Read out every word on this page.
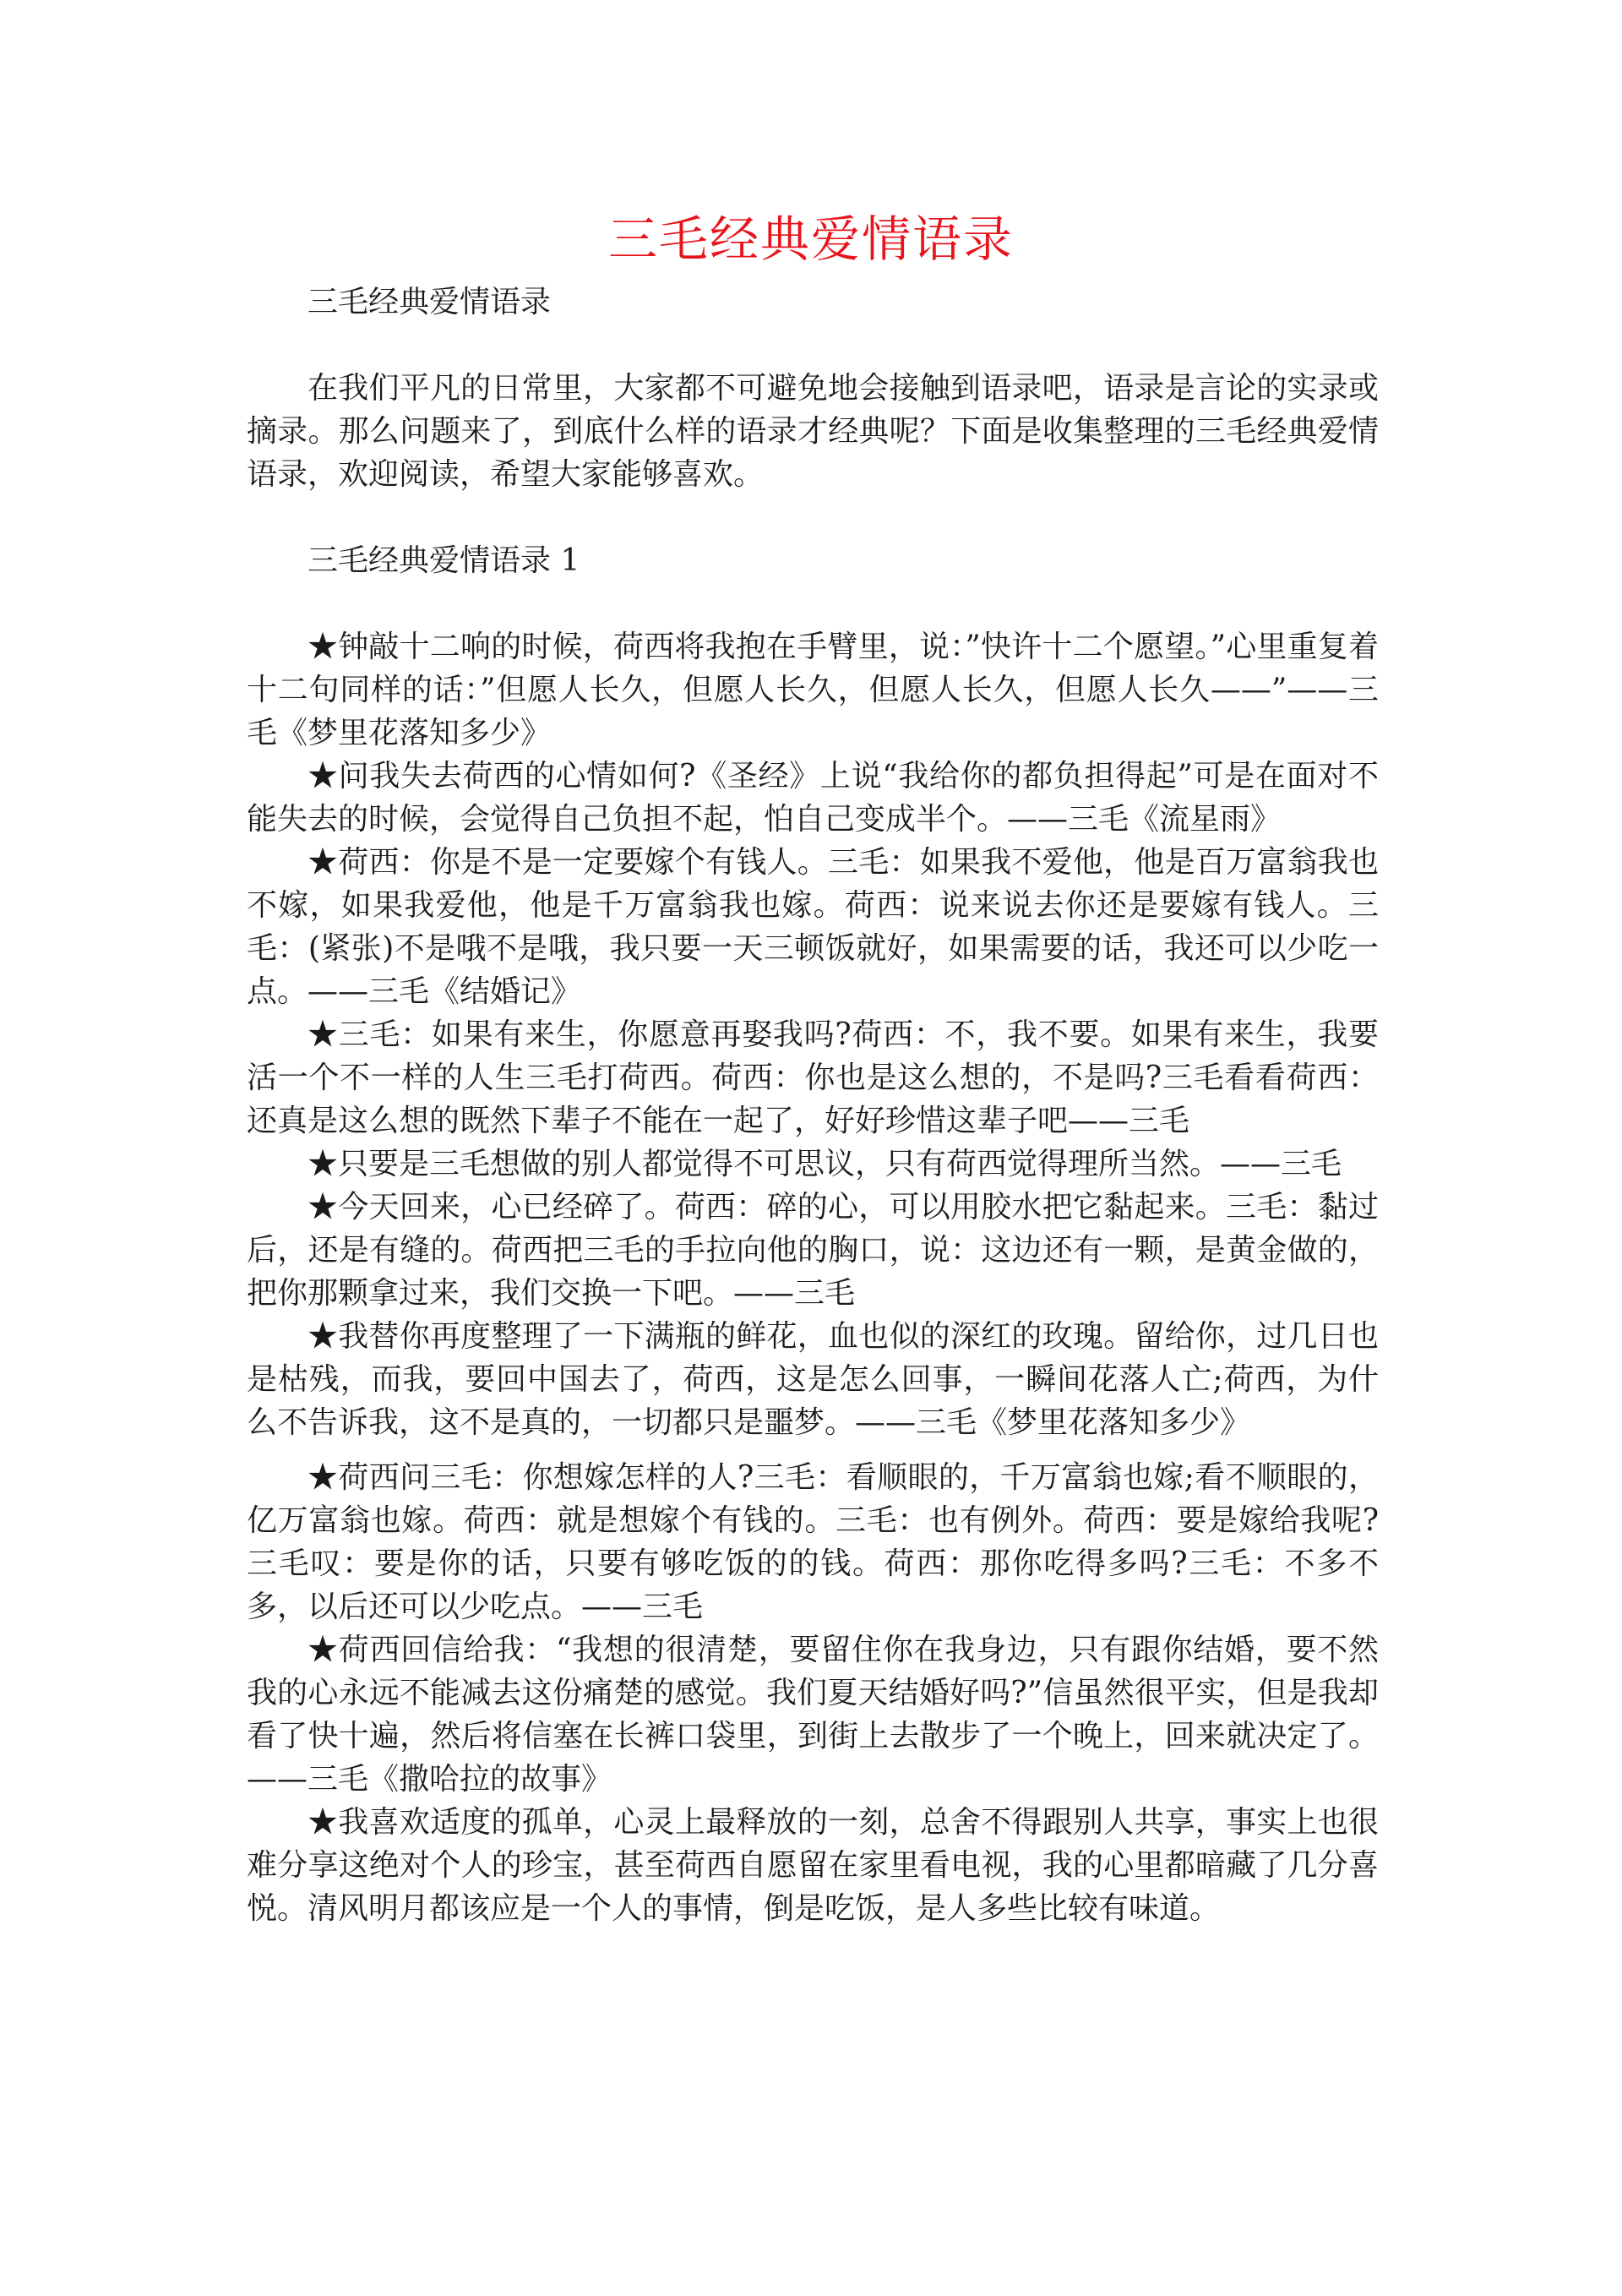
三毛经典爱情语录

三毛经典爱情语录

在我们平凡的日常里，大家都不可避免地会接触到语录吧，语录是言论的实录或摘录。那么问题来了，到底什么样的语录才经典呢？下面是收集整理的三毛经典爱情语录，欢迎阅读，希望大家能够喜欢。

三毛经典爱情语录 1

★钟敲十二响的时候，荷西将我抱在手臂里，说：”快许十二个愿望。”心里重复着十二句同样的话：”但愿人长久，但愿人长久，但愿人长久，但愿人长久——”——三毛《梦里花落知多少》

★问我失去荷西的心情如何?《圣经》上说“我给你的都负担得起”可是在面对不能失去的时候，会觉得自己负担不起，怕自己变成半个。——三毛《流星雨》

★荷西：你是不是一定要嫁个有钱人。三毛：如果我不爱他，他是百万富翁我也不嫁，如果我爱他，他是千万富翁我也嫁。荷西：说来说去你还是要嫁有钱人。三毛：(紧张)不是哦不是哦，我只要一天三顿饭就好，如果需要的话，我还可以少吃一点。——三毛《结婚记》

★三毛：如果有来生，你愿意再娶我吗?荷西：不，我不要。如果有来生，我要活一个不一样的人生三毛打荷西。荷西：你也是这么想的，不是吗?三毛看看荷西：还真是这么想的既然下辈子不能在一起了，好好珍惜这辈子吧——三毛

★只要是三毛想做的别人都觉得不可思议，只有荷西觉得理所当然。——三毛

★今天回来，心已经碎了。荷西：碎的心，可以用胶水把它黏起来。三毛：黏过后，还是有缝的。荷西把三毛的手拉向他的胸口，说：这边还有一颗，是黄金做的，把你那颗拿过来，我们交换一下吧。——三毛

★我替你再度整理了一下满瓶的鲜花，血也似的深红的玫瑰。留给你，过几日也是枯残，而我，要回中国去了，荷西，这是怎么回事，一瞬间花落人亡;荷西，为什么不告诉我，这不是真的，一切都只是噩梦。——三毛《梦里花落知多少》

★荷西问三毛：你想嫁怎样的人?三毛：看顺眼的，千万富翁也嫁;看不顺眼的，亿万富翁也嫁。荷西：就是想嫁个有钱的。三毛：也有例外。荷西：要是嫁给我呢?三毛叹：要是你的话，只要有够吃饭的的钱。荷西：那你吃得多吗?三毛：不多不多，以后还可以少吃点。——三毛

★荷西回信给我：“我想的很清楚，要留住你在我身边，只有跟你结婚，要不然我的心永远不能减去这份痛楚的感觉。我们夏天结婚好吗?”信虽然很平实，但是我却看了快十遍，然后将信塞在长裤口袋里，到街上去散步了一个晚上，回来就决定了。——三毛《撒哈拉的故事》

★我喜欢适度的孤单，心灵上最释放的一刻，总舍不得跟别人共享，事实上也很难分享这绝对个人的珍宝，甚至荷西自愿留在家里看电视，我的心里都暗藏了几分喜悦。清风明月都该应是一个人的事情，倒是吃饭，是人多些比较有味道。
